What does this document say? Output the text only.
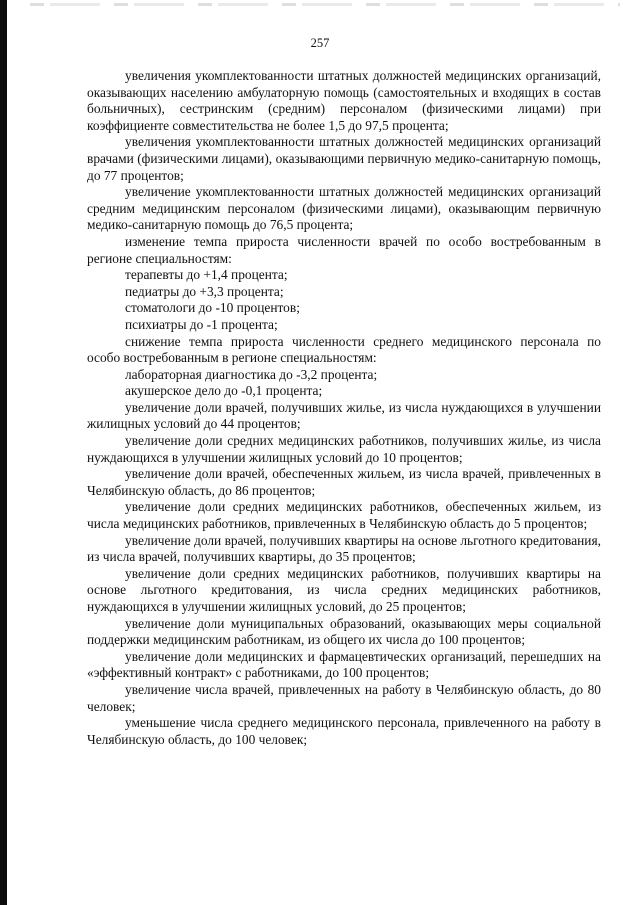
257

увеличения укомплектованности штатных должностей медицинских организаций, оказывающих населению амбулаторную помощь (самостоятельных и входящих в состав больничных), сестринским (средним) персоналом (физическими лицами) при коэффициенте совместительства не более 1,5 до 97,5 процента;

увеличения укомплектованности штатных должностей медицинских организаций врачами (физическими лицами), оказывающими первичную медико-санитарную помощь, до 77 процентов;

увеличение укомплектованности штатных должностей медицинских организаций средним медицинским персоналом (физическими лицами), оказывающим первичную медико-санитарную помощь до 76,5 процента;

изменение темпа прироста численности врачей по особо востребованным в регионе специальностям:

терапевты до +1,4 процента;

педиатры до +3,3 процента;

стоматологи до -10 процентов;

психиатры до -1 процента;

снижение темпа прироста численности среднего медицинского персонала по особо востребованным в регионе специальностям:

лабораторная диагностика до -3,2 процента;

акушерское дело до -0,1 процента;

увеличение доли врачей, получивших жилье, из числа нуждающихся в улучшении жилищных условий до 44 процентов;

увеличение доли средних медицинских работников, получивших жилье, из числа нуждающихся в улучшении жилищных условий до 10 процентов;

увеличение доли врачей, обеспеченных жильем, из числа врачей, привлеченных в Челябинскую область, до 86 процентов;

увеличение доли средних медицинских работников, обеспеченных жильем, из числа медицинских работников, привлеченных в Челябинскую область до 5 процентов;

увеличение доли врачей, получивших квартиры на основе льготного кредитования, из числа врачей, получивших квартиры, до 35 процентов;

увеличение доли средних медицинских работников, получивших квартиры на основе льготного кредитования, из числа средних медицинских работников, нуждающихся в улучшении жилищных условий, до 25 процентов;

увеличение доли муниципальных образований, оказывающих меры социальной поддержки медицинским работникам, из общего их числа до 100 процентов;

увеличение доли медицинских и фармацевтических организаций, перешедших на «эффективный контракт» с работниками, до 100 процентов;

увеличение числа врачей, привлеченных на работу в Челябинскую область, до 80 человек;

уменьшение числа среднего медицинского персонала, привлеченного на работу в Челябинскую область, до 100 человек;
